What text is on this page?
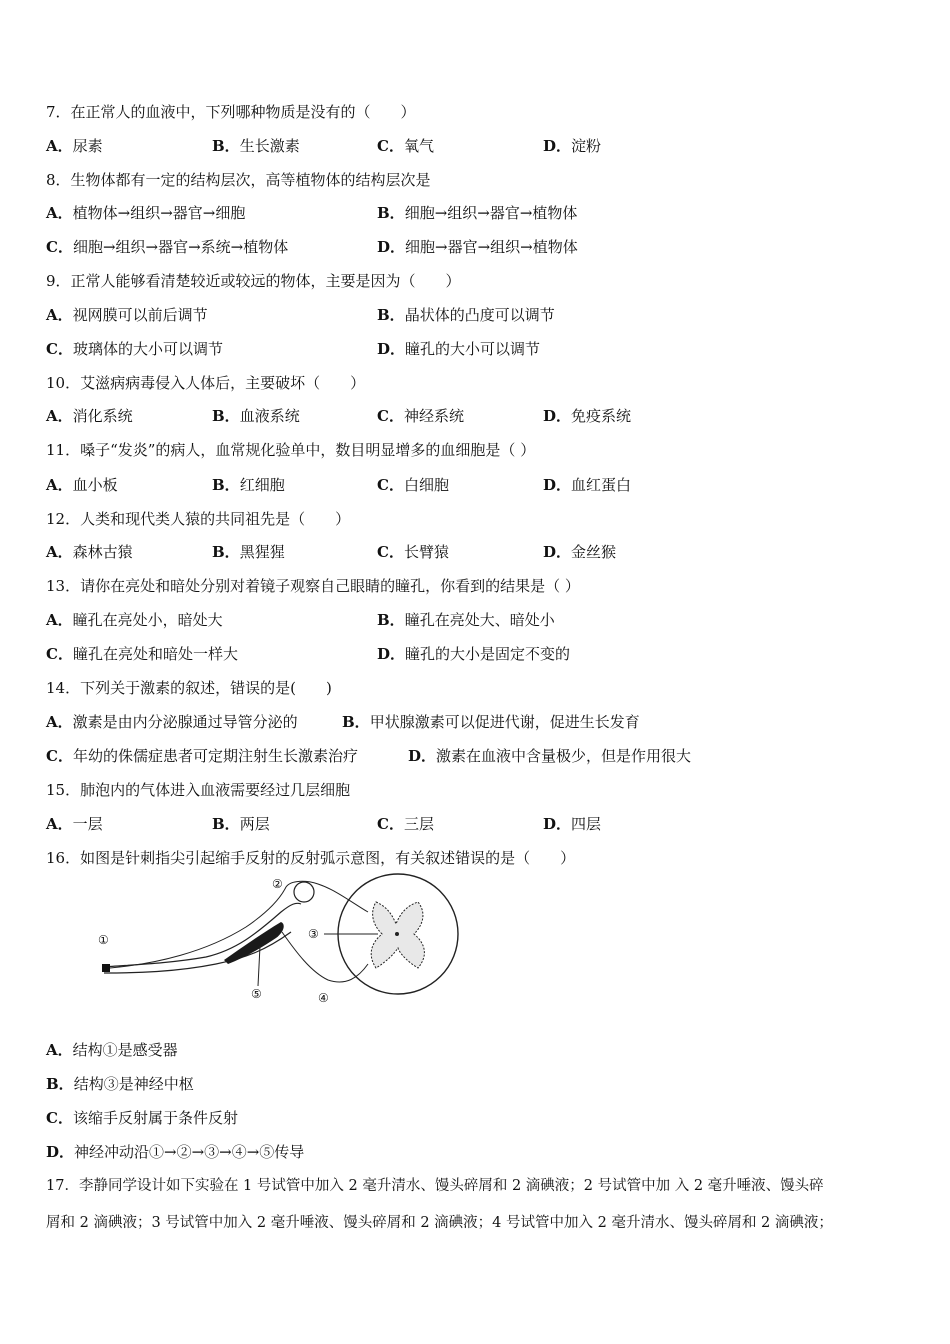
7．在正常人的血液中，下列哪种物质是没有的（　　）
A．尿素	B．生长激素	C．氧气	D．淀粉
8．生物体都有一定的结构层次，高等植物体的结构层次是
A．植物体→组织→器官→细胞	B．细胞→组织→器官→植物体
C．细胞→组织→器官→系统→植物体	D．细胞→器官→组织→植物体
9．正常人能够看清楚较近或较远的物体，主要是因为（　　）
A．视网膜可以前后调节	B．晶状体的凸度可以调节
C．玻璃体的大小可以调节	D．瞳孔的大小可以调节
10．艾滋病病毒侵入人体后，主要破坏（　　）
A．消化系统	B．血液系统	C．神经系统	D．免疫系统
11．嗓子“发炎”的病人，血常规化验单中，数目明显增多的血细胞是（ ）
A．血小板	B．红细胞	C．白细胞	D．血红蛋白
12．人类和现代类人猿的共同祖先是（　　）
A．森林古猿	B．黑猩猩	C．长臂猿	D．金丝猴
13．请你在亮处和暗处分别对着镜子观察自己眼睛的瞳孔，你看到的结果是（ ）
A．瞳孔在亮处小，暗处大	B．瞳孔在亮处大、暗处小
C．瞳孔在亮处和暗处一样大	D．瞳孔的大小是固定不变的
14．下列关于激素的叙述，错误的是(　　)
A．激素是由内分泌腺通过导管分泌的	B．甲状腺激素可以促进代谢，促进生长发育
C．年幼的侏儒症患者可定期注射生长激素治疗	D．激素在血液中含量极少，但是作用很大
15．肺泡内的气体进入血液需要经过几层细胞
A．一层	B．两层	C．三层	D．四层
16．如图是针刺指尖引起缩手反射的反射弧示意图，有关叙述错误的是（　　）
①
②
③
④
⑤
A．结构①是感受器
B．结构③是神经中枢
C．该缩手反射属于条件反射
D．神经冲动沿①→②→③→④→⑤传导
17．李静同学设计如下实验在 1 号试管中加入 2 毫升清水、馒头碎屑和 2 滴碘液；2 号试管中加 入 2 毫升唾液、馒头碎
屑和 2 滴碘液；3 号试管中加入 2 毫升唾液、馒头碎屑和 2 滴碘液；4 号试管中加入 2 毫升清水、馒头碎屑和 2 滴碘液；
